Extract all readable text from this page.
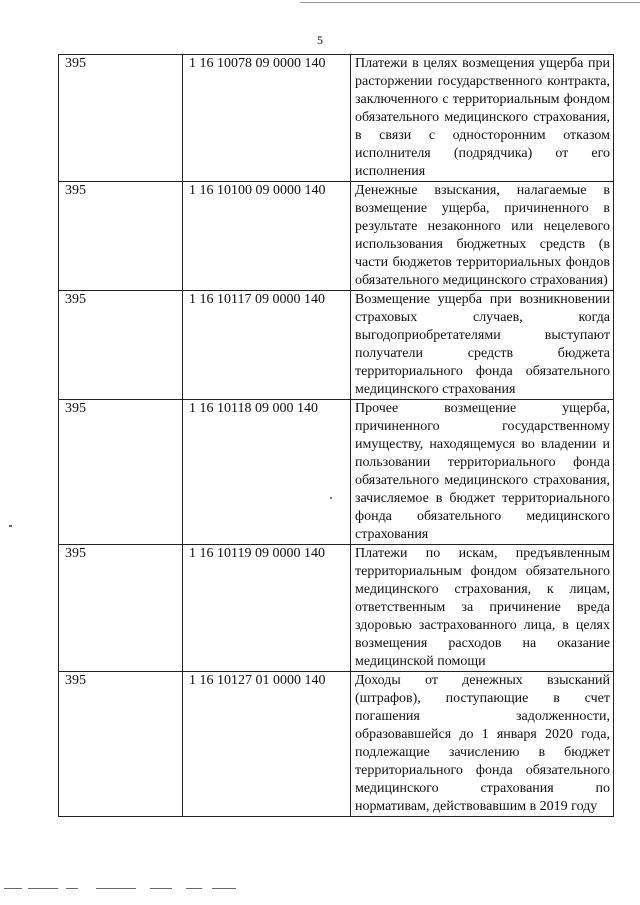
5
395	1 16 10078 09 0000 140	Платежи в целях возмещения ущерба при расторжении государственного контракта, заключенного с территориальным фондом обязательного медицинского страхования, в связи с односторонним отказом исполнителя (подрядчика) от его исполнения
395	1 16 10100 09 0000 140	Денежные взыскания, налагаемые в возмещение ущерба, причиненного в результате незаконного или нецелевого использования бюджетных средств (в части бюджетов территориальных фондов обязательного медицинского страхования)
395	1 16 10117 09 0000 140	Возмещение ущерба при возникновении страховых случаев, когда выгодоприобретателями выступают получатели средств бюджета территориального фонда обязательного медицинского страхования
395	1 16 10118 09 000 140	Прочее возмещение ущерба, причиненного государственному имуществу, находящемуся во владении и пользовании территориального фонда обязательного медицинского страхования, зачисляемое в бюджет территориального фонда обязательного медицинского страхования
395	1 16 10119 09 0000 140	Платежи по искам, предъявленным территориальным фондом обязательного медицинского страхования, к лицам, ответственным за причинение вреда здоровью застрахованного лица, в целях возмещения расходов на оказание медицинской помощи
395	1 16 10127 01 0000 140	Доходы от денежных взысканий (штрафов), поступающие в счет погашения задолженности, образовавшейся до 1 января 2020 года, подлежащие зачислению в бюджет территориального фонда обязательного медицинского страхования по нормативам, действовавшим в 2019 году
